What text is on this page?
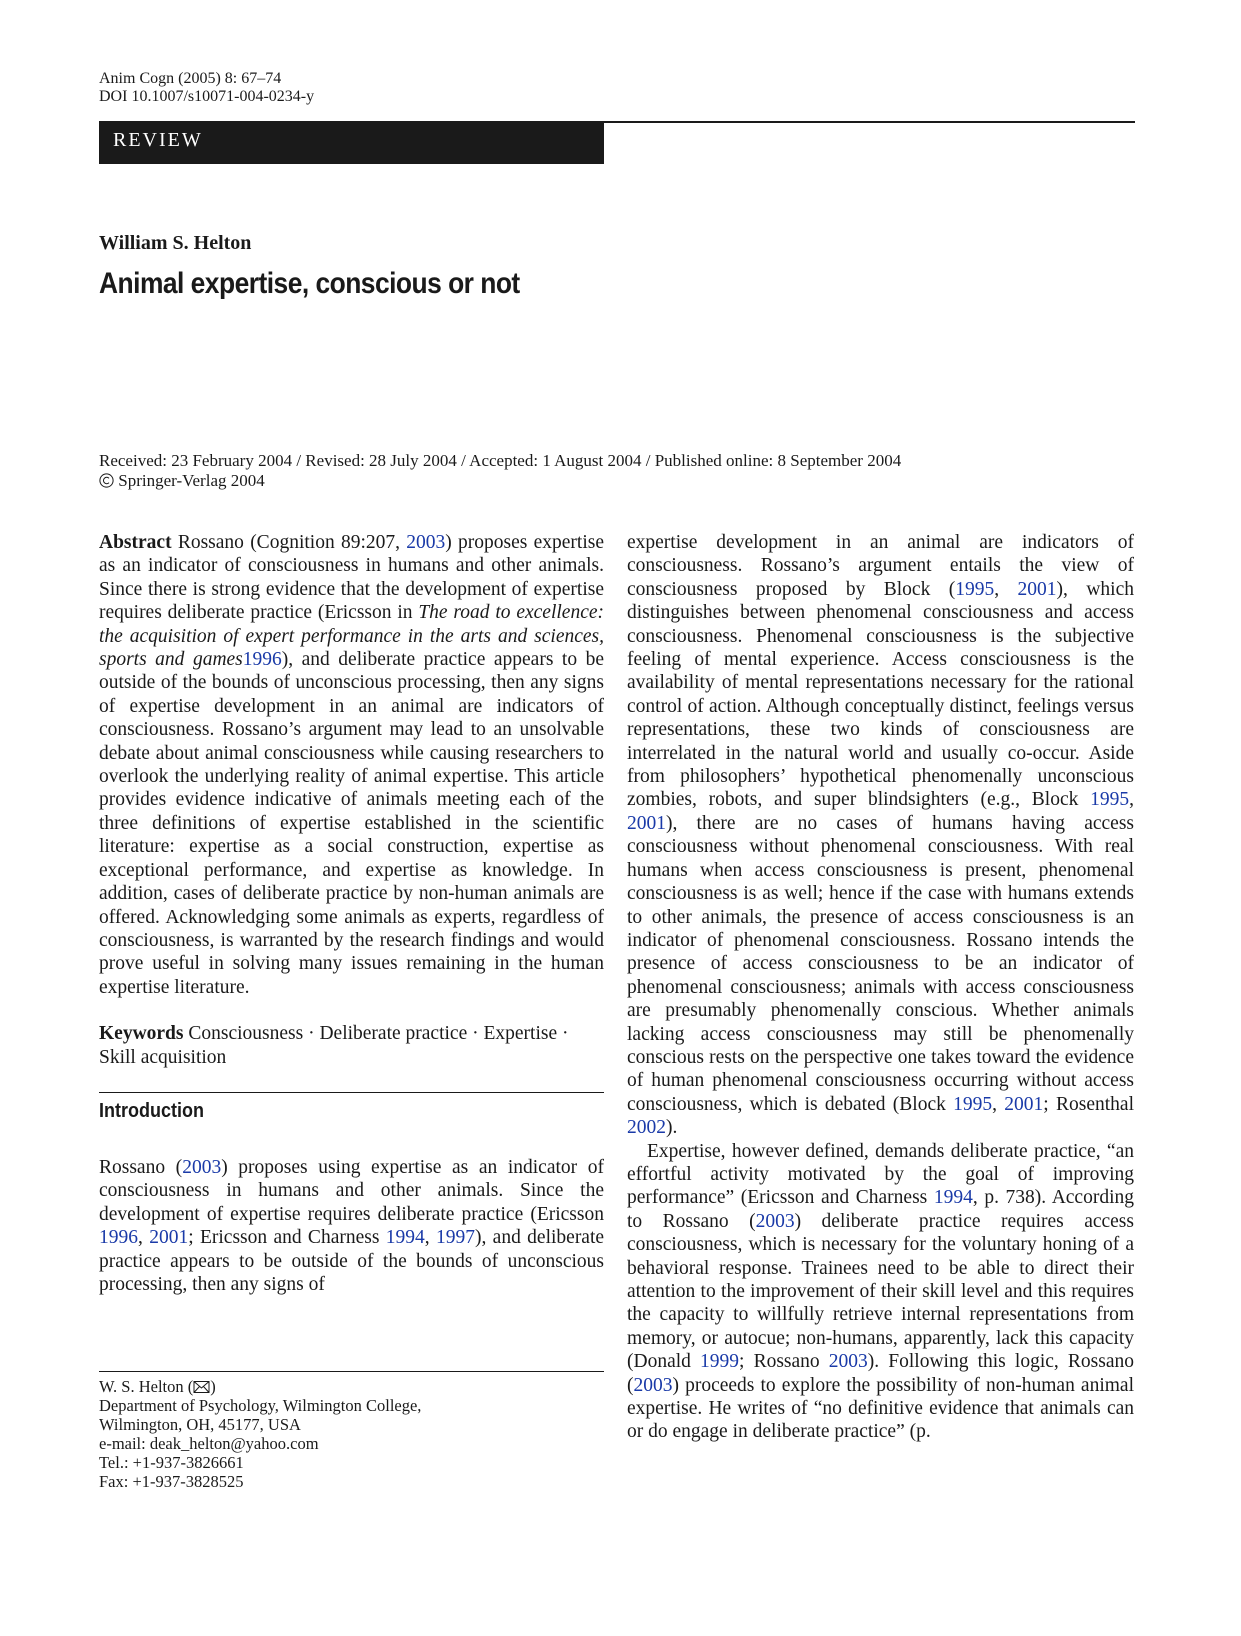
Anim Cogn (2005) 8: 67–74
DOI 10.1007/s10071-004-0234-y
REVIEW
William S. Helton
Animal expertise, conscious or not
Received: 23 February 2004 / Revised: 28 July 2004 / Accepted: 1 August 2004 / Published online: 8 September 2004
Springer-Verlag 2004

Abstract Rossano (Cognition 89:207, 2003) proposes expertise as an indicator of consciousness in humans and other animals. Since there is strong evidence that the development of expertise requires deliberate practice (Ericsson in The road to excellence: the acquisition of expert performance in the arts and sciences, sports and games1996), and deliberate practice appears to be outside of the bounds of unconscious processing, then any signs of expertise development in an animal are indicators of consciousness. Rossano’s argument may lead to an unsolvable debate about animal consciousness while causing researchers to overlook the underlying reality of animal expertise. This article provides evidence indicative of animals meeting each of the three definitions of expertise established in the scientific literature: expertise as a social construction, expertise as exceptional performance, and expertise as knowledge. In addition, cases of deliberate practice by non-human animals are offered. Acknowledging some animals as experts, regardless of consciousness, is warranted by the research findings and would prove useful in solving many issues remaining in the human expertise literature.

Keywords Consciousness · Deliberate practice · Expertise · Skill acquisition

Introduction

Rossano (2003) proposes using expertise as an indicator of consciousness in humans and other animals. Since the development of expertise requires deliberate practice (Ericsson 1996, 2001; Ericsson and Charness 1994, 1997), and deliberate practice appears to be outside of the bounds of unconscious processing, then any signs of

expertise development in an animal are indicators of consciousness. Rossano’s argument entails the view of consciousness proposed by Block (1995, 2001), which distinguishes between phenomenal consciousness and access consciousness. Phenomenal consciousness is the subjective feeling of mental experience. Access consciousness is the availability of mental representations necessary for the rational control of action. Although conceptually distinct, feelings versus representations, these two kinds of consciousness are interrelated in the natural world and usually co-occur. Aside from philosophers’ hypothetical phenomenally unconscious zombies, robots, and super blindsighters (e.g., Block 1995, 2001), there are no cases of humans having access consciousness without phenomenal consciousness. With real humans when access consciousness is present, phenomenal consciousness is as well; hence if the case with humans extends to other animals, the presence of access consciousness is an indicator of phenomenal consciousness. Rossano intends the presence of access consciousness to be an indicator of phenomenal consciousness; animals with access consciousness are presumably phenomenally conscious. Whether animals lacking access consciousness may still be phenomenally conscious rests on the perspective one takes toward the evidence of human phenomenal consciousness occurring without access consciousness, which is debated (Block 1995, 2001; Rosenthal 2002).

Expertise, however defined, demands deliberate practice, “an effortful activity motivated by the goal of improving performance” (Ericsson and Charness 1994, p. 738). According to Rossano (2003) deliberate practice requires access consciousness, which is necessary for the voluntary honing of a behavioral response. Trainees need to be able to direct their attention to the improvement of their skill level and this requires the capacity to willfully retrieve internal representations from memory, or autocue; non-humans, apparently, lack this capacity (Donald 1999; Rossano 2003). Following this logic, Rossano (2003) proceeds to explore the possibility of non-human animal expertise. He writes of “no definitive evidence that animals can or do engage in deliberate practice” (p.

W. S. Helton ( )
Department of Psychology, Wilmington College,
Wilmington, OH, 45177, USA
e-mail: deak_helton@yahoo.com
Tel.: +1-937-3826661
Fax: +1-937-3828525
